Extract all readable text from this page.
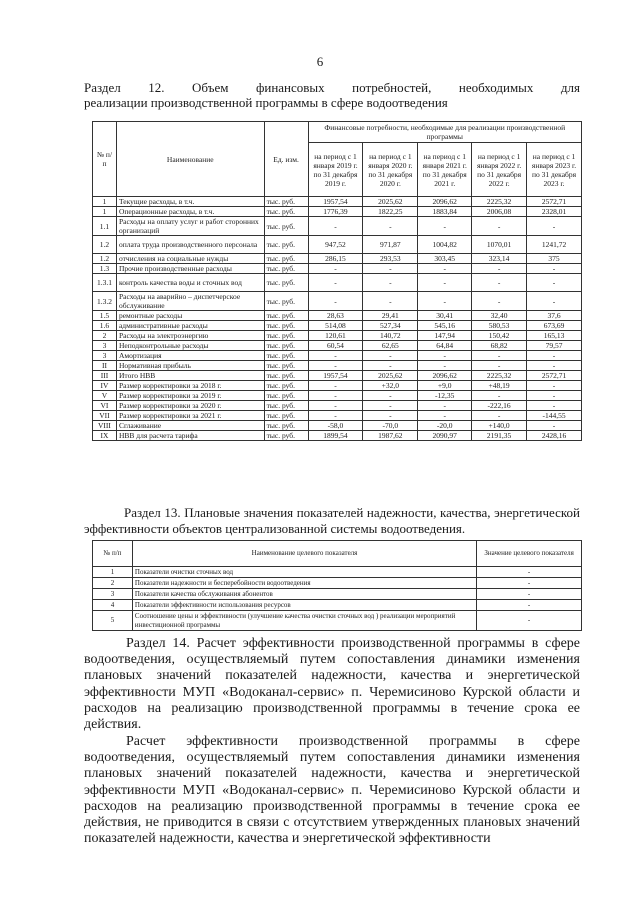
6
Раздел 12. Объем финансовых потребностей, необходимых для
реализации производственной программы в сфере водоотведения
№ п/п	Наименование	Ед. изм.	Финансовые потребности, необходимые для реализации производственной программы				
			на период с 1 января 2019 г. по 31 декабря 2019 г.	на период с 1 января 2020 г. по 31 декабря 2020 г.	на период с 1 января 2021 г. по 31 декабря 2021 г.	на период с 1 января 2022 г. по 31 декабря 2022 г.	на период с 1 января 2023 г. по 31 декабря 2023 г.
1	Текущие расходы, в т.ч.	тыс. руб.	1957,54	2025,62	2096,62	2225,32	2572,71
1	Операционные расходы, в т.ч.	тыс. руб.	1776,39	1822,25	1883,84	2006,08	2328,01
1.1	Расходы на оплату услуг и работ сторонних организаций	тыс. руб.	-	-	-	-	-
1.2	оплата труда производственного персонала	тыс. руб.	947,52	971,87	1004,82	1070,01	1241,72
1.2	отчисления на социальные нужды	тыс. руб.	286,15	293,53	303,45	323,14	375
1.3	Прочие производственные расходы	тыс. руб.	-	-	-	-	-
1.3.1	контроль качества воды и сточных вод	тыс. руб.	-	-	-	-	-
1.3.2	Расходы на аварийно – диспетчерское обслуживание	тыс. руб.	-	-	-	-	-
1.5	ремонтные расходы	тыс. руб.	28,63	29,41	30,41	32,40	37,6
1.6	административные расходы	тыс. руб.	514,08	527,34	545,16	580,53	673,69
2	Расходы на электроэнергию	тыс. руб.	120,61	140,72	147,94	150,42	165,13
3	Неподконтрольные расходы	тыс. руб.	60,54	62,65	64,84	68,82	79,57
3	Амортизация	тыс. руб.	-	-	-	-	-
II	Нормативная прибыль	тыс. руб.	-	-	-	-	-
III	Итого НВВ	тыс. руб.	1957,54	2025,62	2096,62	2225,32	2572,71
IV	Размер корректировки за 2018 г.	тыс. руб.	-	+32,0	+9,0	+48,19	-
V	Размер корректировки за 2019 г.	тыс. руб.	-	-	-12,35	-	-
VI	Размер корректировки за 2020 г.	тыс. руб.	-	-	-	-222,16	-
VII	Размер корректировки за 2021 г.	тыс. руб.	-	-	-	-	-144,55
VIII	Сглаживание	тыс. руб.	-58,0	-70,0	-20,0	+140,0	-
IX	НВВ для расчета тарифа	тыс. руб.	1899,54	1987,62	2090,97	2191,35	2428,16
Раздел 13. Плановые значения показателей надежности, качества, энергетической эффективности объектов централизованной системы водоотведения.
№ п/п	Наименование целевого показателя	Значение целевого показателя
1	Показатели очистки сточных вод	-
2	Показатели надежности и бесперебойности водоотведения	-
3	Показатели качества обслуживания абонентов	-
4	Показатели эффективности использования ресурсов	-
5	Соотношение цены и эффективности (улучшение качества очистки сточных вод ) реализации мероприятий инвестиционной программы	-
Раздел 14. Расчет эффективности производственной программы в сфере водоотведения, осуществляемый путем сопоставления динамики изменения плановых значений показателей надежности, качества и энергетической эффективности МУП «Водоканал-сервис» п. Черемисиново Курской области и расходов на реализацию производственной программы в течение срока ее действия.
Расчет эффективности производственной программы в сфере водоотведения, осуществляемый путем сопоставления динамики изменения плановых значений показателей надежности, качества и энергетической эффективности МУП «Водоканал-сервис» п. Черемисиново Курской области и расходов на реализацию производственной программы в течение срока ее действия, не приводится в связи с отсутствием утвержденных плановых значений показателей надежности, качества и энергетической эффективности
